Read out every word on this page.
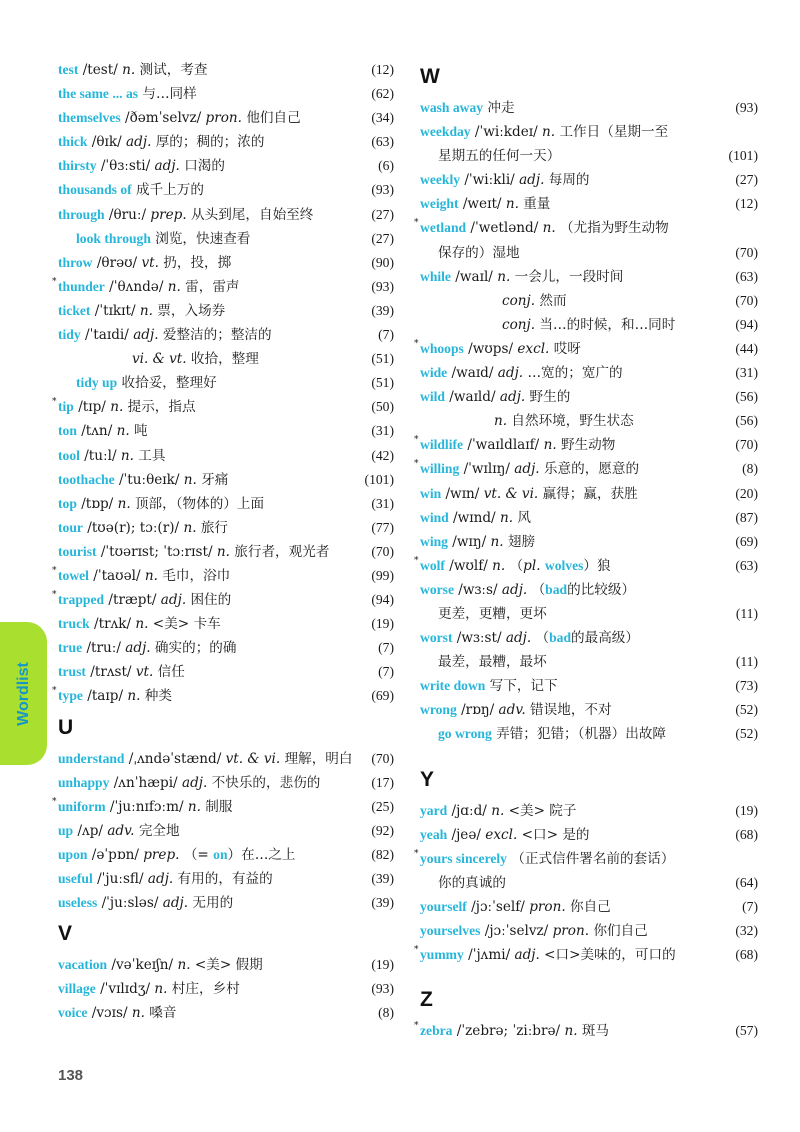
test /test/ n. 测试，考查	(12)
the same ... as 与…同样	(62)
themselves /ðəmˈselvz/ pron. 他们自己	(34)
thick /θɪk/ adj. 厚的；稠的；浓的	(63)
thirsty /ˈθɜːsti/ adj. 口渴的	(6)
thousands of 成千上万的	(93)
through /θruː/ prep. 从头到尾，自始至终	(27)
look through 浏览，快速查看	(27)
throw /θrəʊ/ vt. 扔，投，掷	(90)
* thunder /ˈθʌndə/ n. 雷，雷声	(93)
ticket /ˈtɪkɪt/ n. 票，入场券	(39)
tidy /ˈtaɪdi/ adj. 爱整洁的；整洁的	(7)
vi. & vt. 收拾，整理	(51)
tidy up 收拾妥，整理好	(51)
* tip /tɪp/ n. 提示，指点	(50)
ton /tʌn/ n. 吨	(31)
tool /tuːl/ n. 工具	(42)
toothache /ˈtuːθeɪk/ n. 牙痛	(101)
top /tɒp/ n. 顶部，（物体的）上面	(31)
tour /tʊə(r); tɔː(r)/ n. 旅行	(77)
tourist /ˈtʊərɪst; ˈtɔːrɪst/ n. 旅行者，观光者	(70)
* towel /ˈtaʊəl/ n. 毛巾，浴巾	(99)
* trapped /træpt/ adj. 困住的	(94)
truck /trʌk/ n. <美> 卡车	(19)
true /truː/ adj. 确实的；的确	(7)
trust /trʌst/ vt. 信任	(7)
* type /taɪp/ n. 种类	(69)
U
understand /ˌʌndəˈstænd/ vt. & vi. 理解，明白 (70)
unhappy /ʌnˈhæpi/ adj. 不快乐的，悲伤的	(17)
* uniform /ˈjuːnɪfɔːm/ n. 制服	(25)
up /ʌp/ adv. 完全地	(92)
upon /əˈpɒn/ prep. （= on）在…之上	(82)
useful /ˈjuːsfl/ adj. 有用的，有益的	(39)
useless /ˈjuːsləs/ adj. 无用的	(39)
V
vacation /vəˈkeɪʃn/ n. <美> 假期	(19)
village /ˈvɪlɪdʒ/ n. 村庄，乡村	(93)
voice /vɔɪs/ n. 嗓音	(8)
W
wash away 冲走	(93)
weekday /ˈwiːkdeɪ/ n. 工作日（星期一至
星期五的任何一天）	(101)
weekly /ˈwiːkli/ adj. 每周的	(27)
weight /weɪt/ n. 重量	(12)
* wetland /ˈwetlənd/ n. （尤指为野生动物
保存的）湿地	(70)
while /waɪl/ n. 一会儿，一段时间	(63)
conj. 然而	(70)
conj. 当…的时候，和…同时	(94)
* whoops /wʊps/ excl. 哎呀	(44)
wide /waɪd/ adj. …宽的；宽广的	(31)
wild /waɪld/ adj. 野生的	(56)
n. 自然环境，野生状态	(56)
* wildlife /ˈwaɪldlaɪf/ n. 野生动物	(70)
* willing /ˈwɪlɪŋ/ adj. 乐意的，愿意的	(8)
win /wɪn/ vt. & vi. 赢得；赢，获胜	(20)
wind /wɪnd/ n. 风	(87)
wing /wɪŋ/ n. 翅膀	(69)
* wolf /wʊlf/ n. （pl. wolves）狼	(63)
worse /wɜːs/ adj. （bad的比较级）
更差，更糟，更坏	(11)
worst /wɜːst/ adj. （bad的最高级）
最差，最糟，最坏	(11)
write down 写下，记下	(73)
wrong /rɒŋ/ adv. 错误地，不对	(52)
go wrong 弄错；犯错；（机器）出故障	(52)
Y
yard /jɑːd/ n. <美> 院子	(19)
yeah /jeə/ excl. <口> 是的	(68)
* yours sincerely （正式信件署名前的套话）
你的真诚的	(64)
yourself /jɔːˈself/ pron. 你自己	(7)
yourselves /jɔːˈselvz/ pron. 你们自己	(32)
* yummy /ˈjʌmi/ adj. <口>美味的，可口的	(68)
Z
* zebra /ˈzebrə; ˈziːbrə/ n. 斑马	(57)
Wordlist
138
